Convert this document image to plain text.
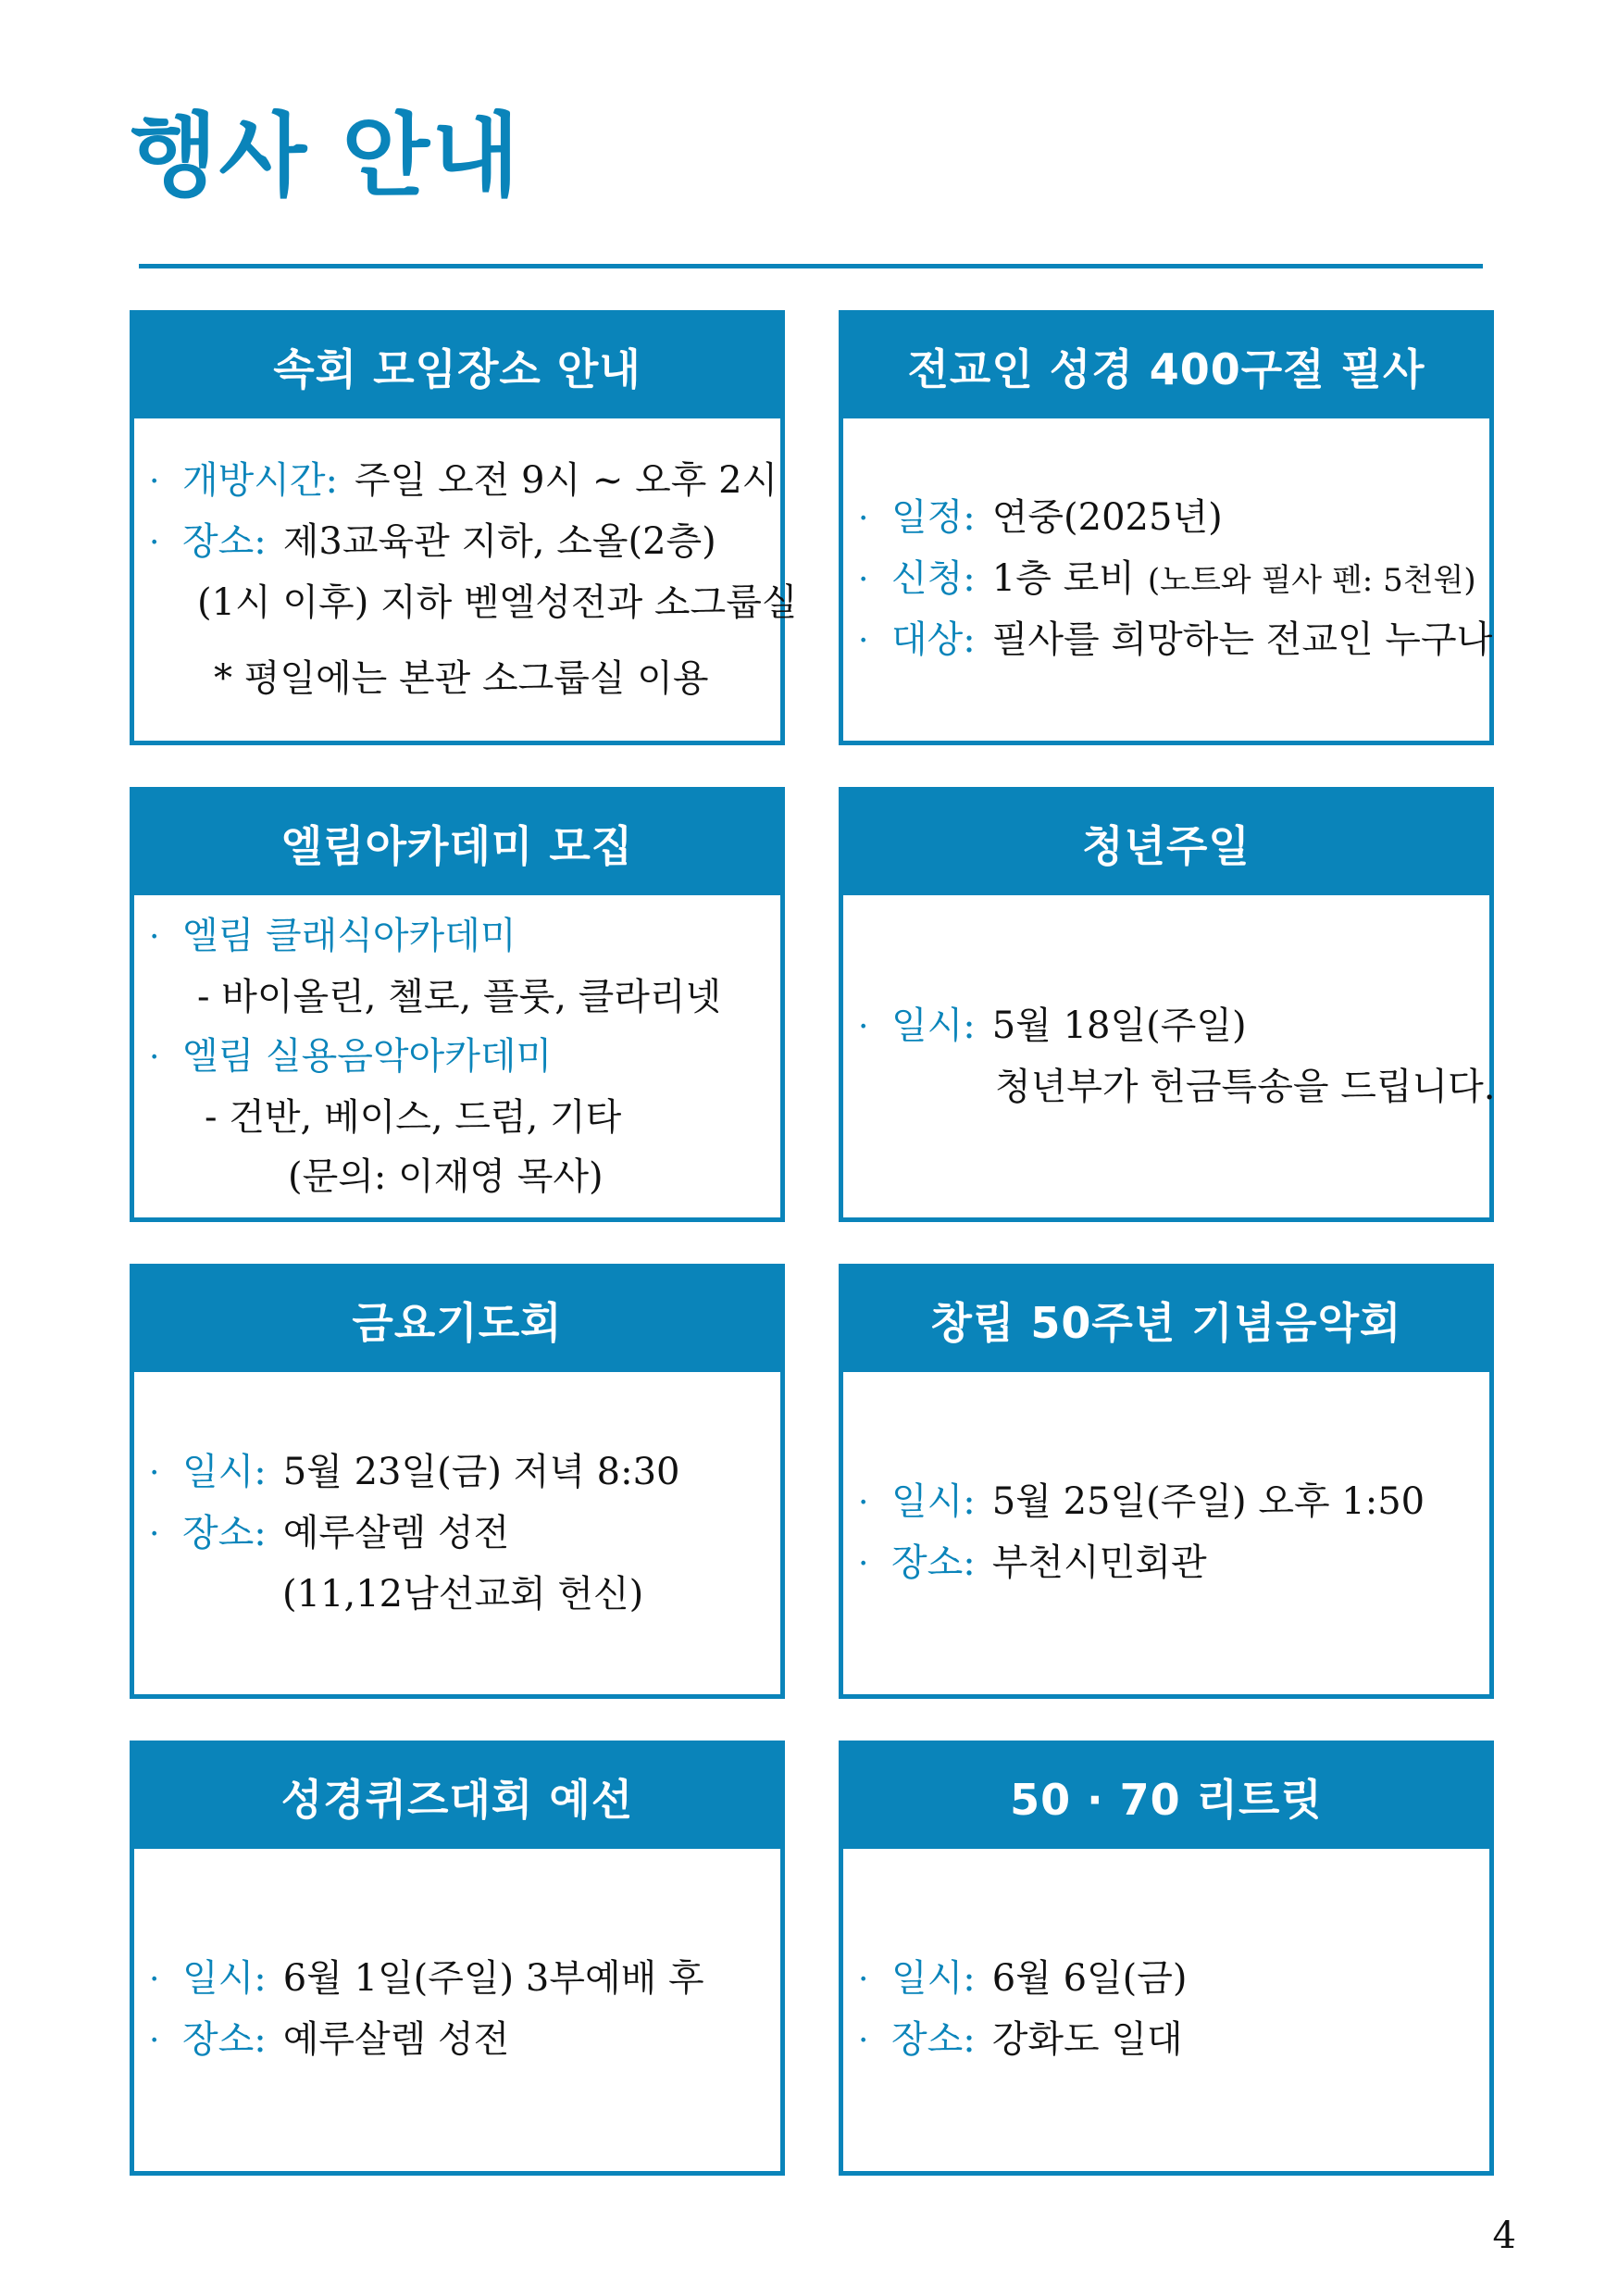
행사 안내
속회 모임장소 안내
· 개방시간: 주일 오전 9시 ~ 오후 2시
· 장소: 제3교육관 지하, 소올(2층)
(1시 이후) 지하 벧엘성전과 소그룹실
* 평일에는 본관 소그룹실 이용
전교인 성경 400구절 필사
· 일정: 연중(2025년)
· 신청: 1층 로비 (노트와 필사 펜: 5천원)
· 대상: 필사를 희망하는 전교인 누구나
엘림아카데미 모집
· 엘림 클래식아카데미
- 바이올린, 첼로, 플룻, 클라리넷
· 엘림 실용음악아카데미
- 건반, 베이스, 드럼, 기타
(문의: 이재영 목사)
청년주일
· 일시: 5월 18일(주일)
청년부가 헌금특송을 드립니다.
금요기도회
· 일시: 5월 23일(금) 저녁 8:30
· 장소: 예루살렘 성전
(11,12남선교회 헌신)
창립 50주년 기념음악회
· 일시: 5월 25일(주일) 오후 1:50
· 장소: 부천시민회관
성경퀴즈대회 예선
· 일시: 6월 1일(주일) 3부예배 후
· 장소: 예루살렘 성전
50 · 70 리트릿
· 일시: 6월 6일(금)
· 장소: 강화도 일대
4
